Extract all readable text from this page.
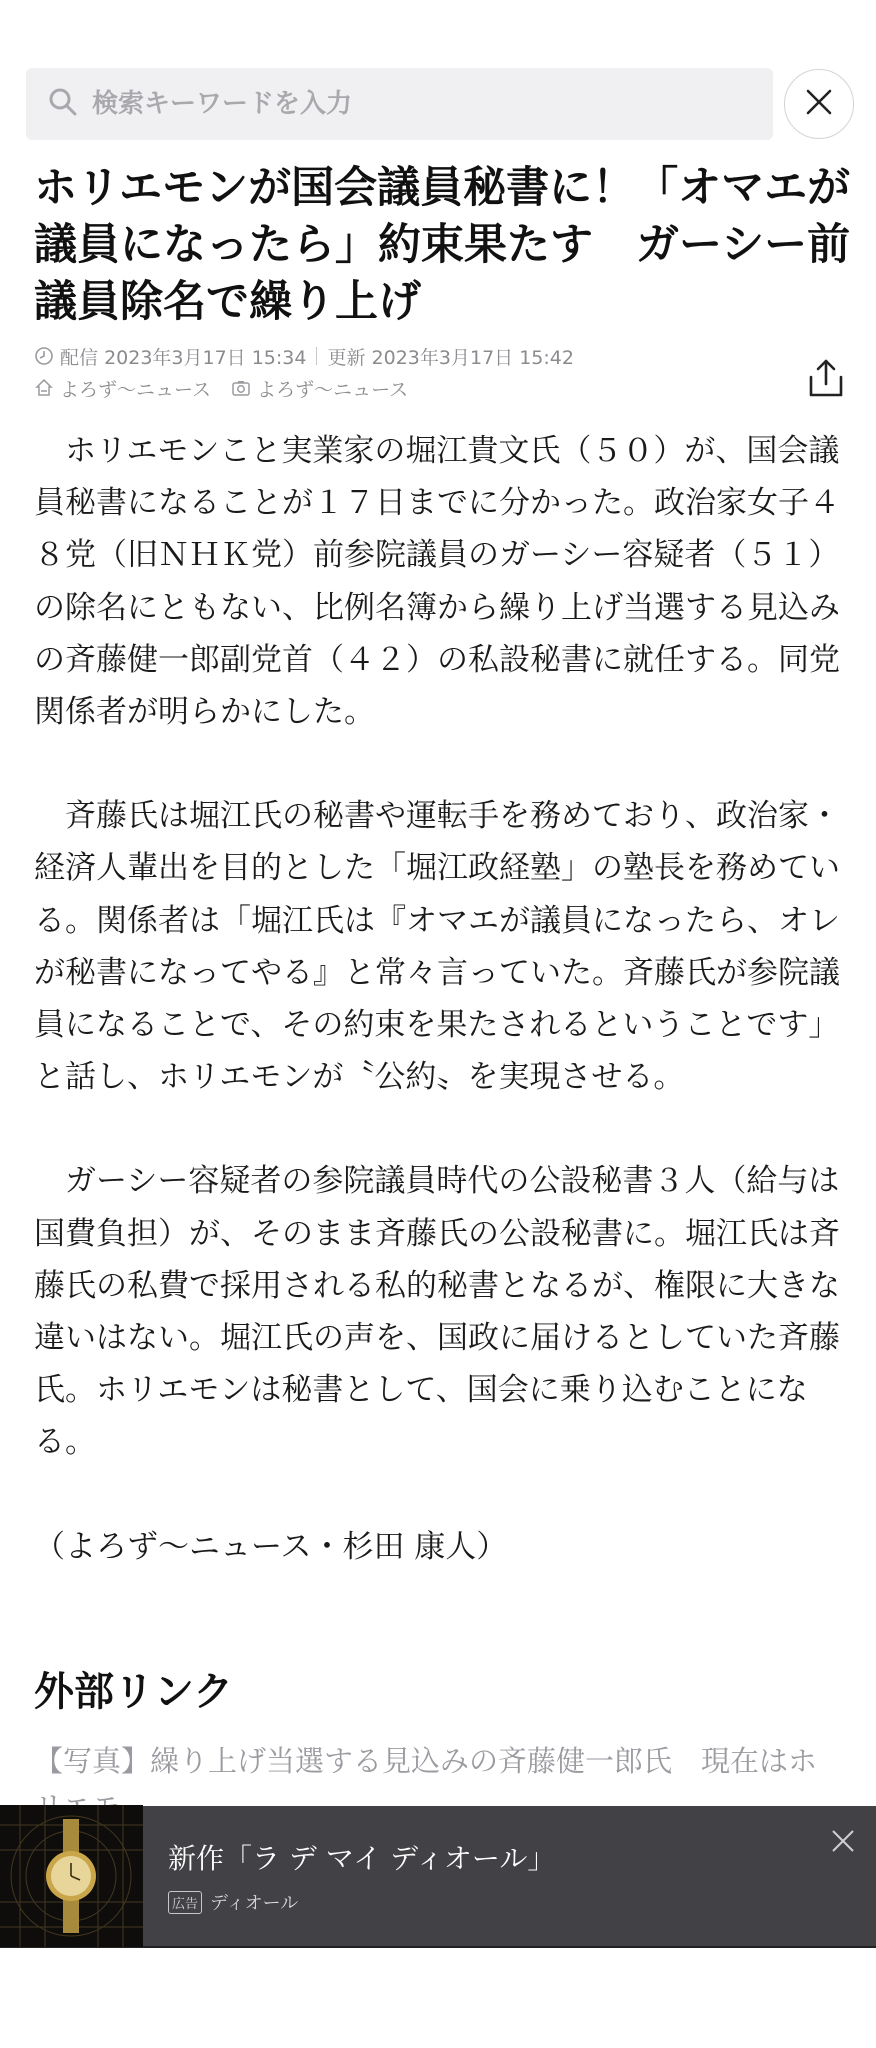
検索キーワードを入力
ホリエモンが国会議員秘書に！「オマエが議員になったら」約束果たす　ガーシー前議員除名で繰り上げ
配信
2023年3月17日 15:34 更新
2023年3月17日 15:42
よろず〜ニュース よろず〜ニュース

　ホリエモンこと実業家の堀江貴文氏（５０）が、国会議員秘書になることが１７日までに分かった。政治家女子４８党（旧ＮＨＫ党）前参院議員のガーシー容疑者（５１）の除名にともない、比例名簿から繰り上げ当選する見込みの斉藤健一郎副党首（４２）の私設秘書に就任する。同党関係者が明らかにした。

　斉藤氏は堀江氏の秘書や運転手を務めており、政治家・経済人輩出を目的とした「堀江政経塾」の塾長を務めている。関係者は「堀江氏は『オマエが議員になったら、オレが秘書になってやる』と常々言っていた。斉藤氏が参院議員になることで、その約束を果たされるということです」と話し、ホリエモンが〝公約〟を実現させる。

　ガーシー容疑者の参院議員時代の公設秘書３人（給与は国費負担）が、そのまま斉藤氏の公設秘書に。堀江氏は斉藤氏の私費で採用される私的秘書となるが、権限に大きな違いはない。堀江氏の声を、国政に届けるとしていた斉藤氏。ホリエモンは秘書として、国会に乗り込むことになる。

（よろず〜ニュース・杉田 康人）

外部リンク
【写真】繰り上げ当選する見込みの斉藤健一郎氏　現在はホ
新作「ラ デ マイ ディオール」
広告 ディオール
